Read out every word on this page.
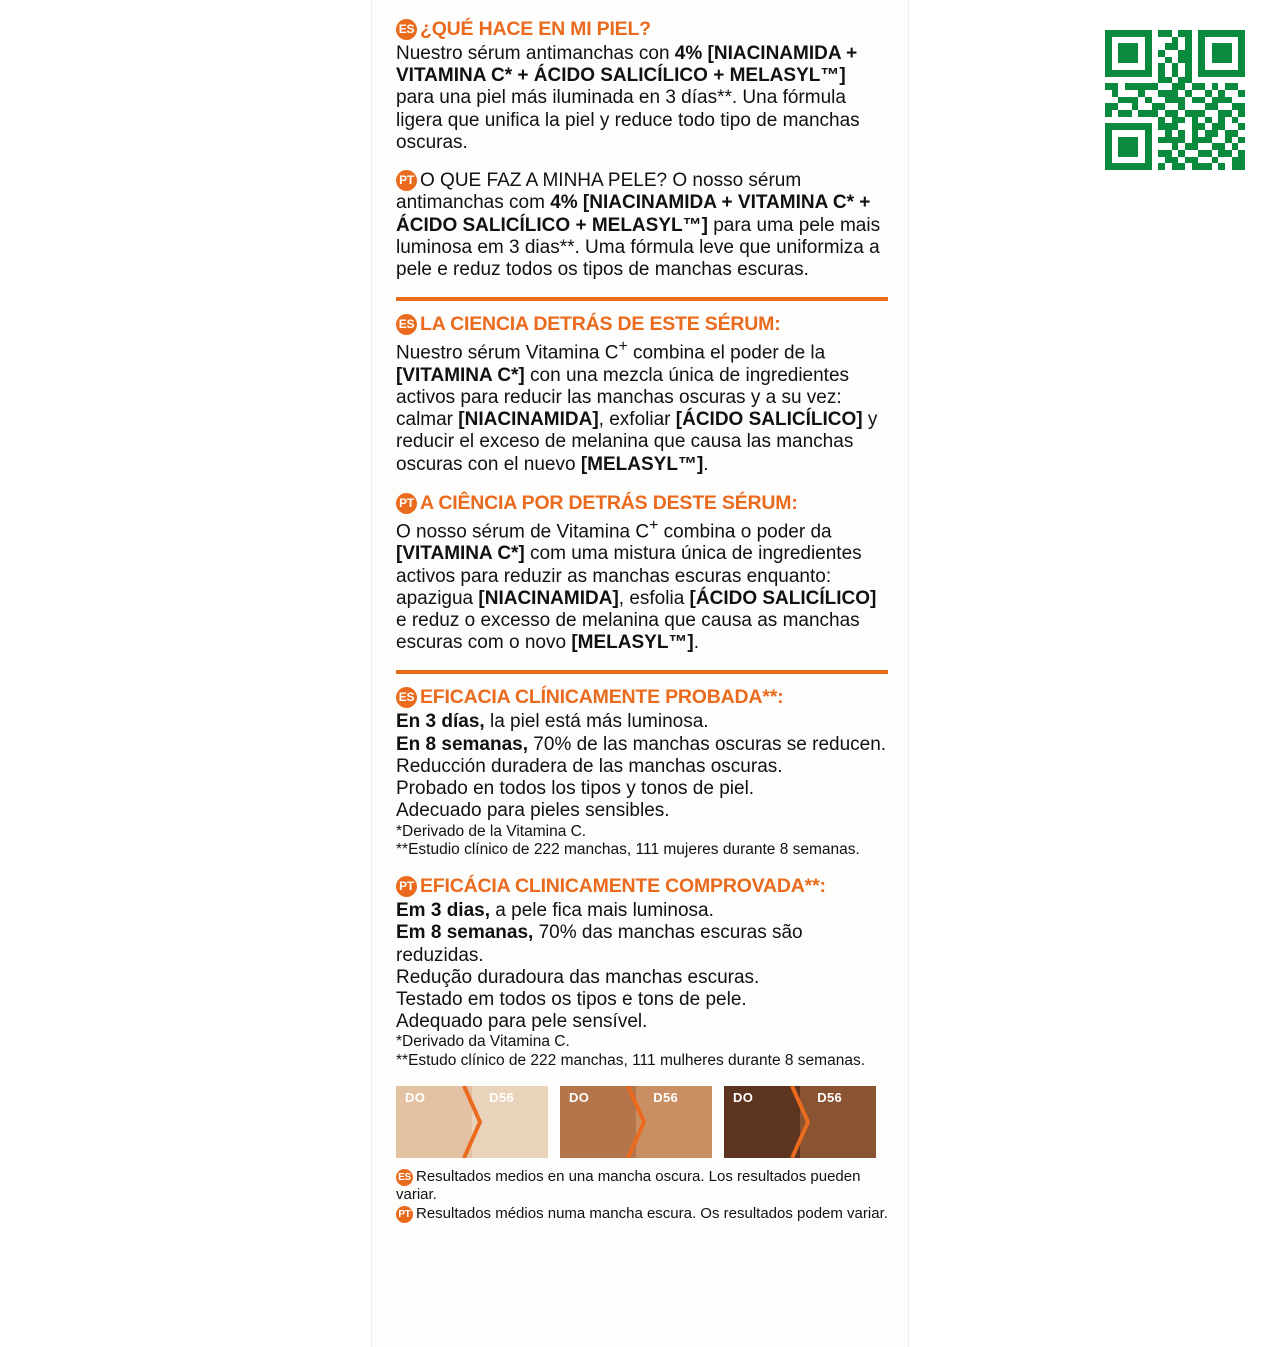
ES ¿QUÉ HACE EN MI PIEL?

Nuestro sérum antimanchas con 4% [NIACINAMIDA + VITAMINA C* + ÁCIDO SALICÍLICO + MELASYL™] para una piel más iluminada en 3 días**. Una fórmula ligera que unifica la piel y reduce todo tipo de manchas oscuras.

PT O QUE FAZ A MINHA PELE? O nosso sérum antimanchas com 4% [NIACINAMIDA + VITAMINA C* + ÁCIDO SALICÍLICO + MELASYL™] para uma pele mais luminosa em 3 dias**. Uma fórmula leve que uniformiza a pele e reduz todos os tipos de manchas escuras.

ES LA CIENCIA DETRÁS DE ESTE SÉRUM:

Nuestro sérum Vitamina C+ combina el poder de la [VITAMINA C*] con una mezcla única de ingredientes activos para reducir las manchas oscuras y a su vez: calmar [NIACINAMIDA], exfoliar [ÁCIDO SALICÍLICO] y reducir el exceso de melanina que causa las manchas oscuras con el nuevo [MELASYL™].

PT A CIÊNCIA POR DETRÁS DESTE SÉRUM:

O nosso sérum de Vitamina C+ combina o poder da [VITAMINA C*] com uma mistura única de ingredientes activos para reduzir as manchas escuras enquanto: apazigua [NIACINAMIDA], esfolia [ÁCIDO SALICÍLICO] e reduz o excesso de melanina que causa as manchas escuras com o novo [MELASYL™].

ES EFICACIA CLÍNICAMENTE PROBADA**:

En 3 días, la piel está más luminosa.

En 8 semanas, 70% de las manchas oscuras se reducen.

Reducción duradera de las manchas oscuras.

Probado en todos los tipos y tonos de piel.

Adecuado para pieles sensibles.

*Derivado de la Vitamina C.

**Estudio clínico de 222 manchas, 111 mujeres durante 8 semanas.

PT EFICÁCIA CLINICAMENTE COMPROVADA**:

Em 3 dias, a pele fica mais luminosa.

Em 8 semanas, 70% das manchas escuras são reduzidas.

Redução duradoura das manchas escuras.

Testado em todos os tipos e tons de pele.

Adequado para pele sensível.

*Derivado da Vitamina C.

**Estudo clínico de 222 manchas, 111 mulheres durante 8 semanas.

DO	D56	DO	D56	DO	D56
ES Resultados medios en una mancha oscura. Los resultados pueden variar.
PT Resultados médios numa mancha escura. Os resultados podem variar.
